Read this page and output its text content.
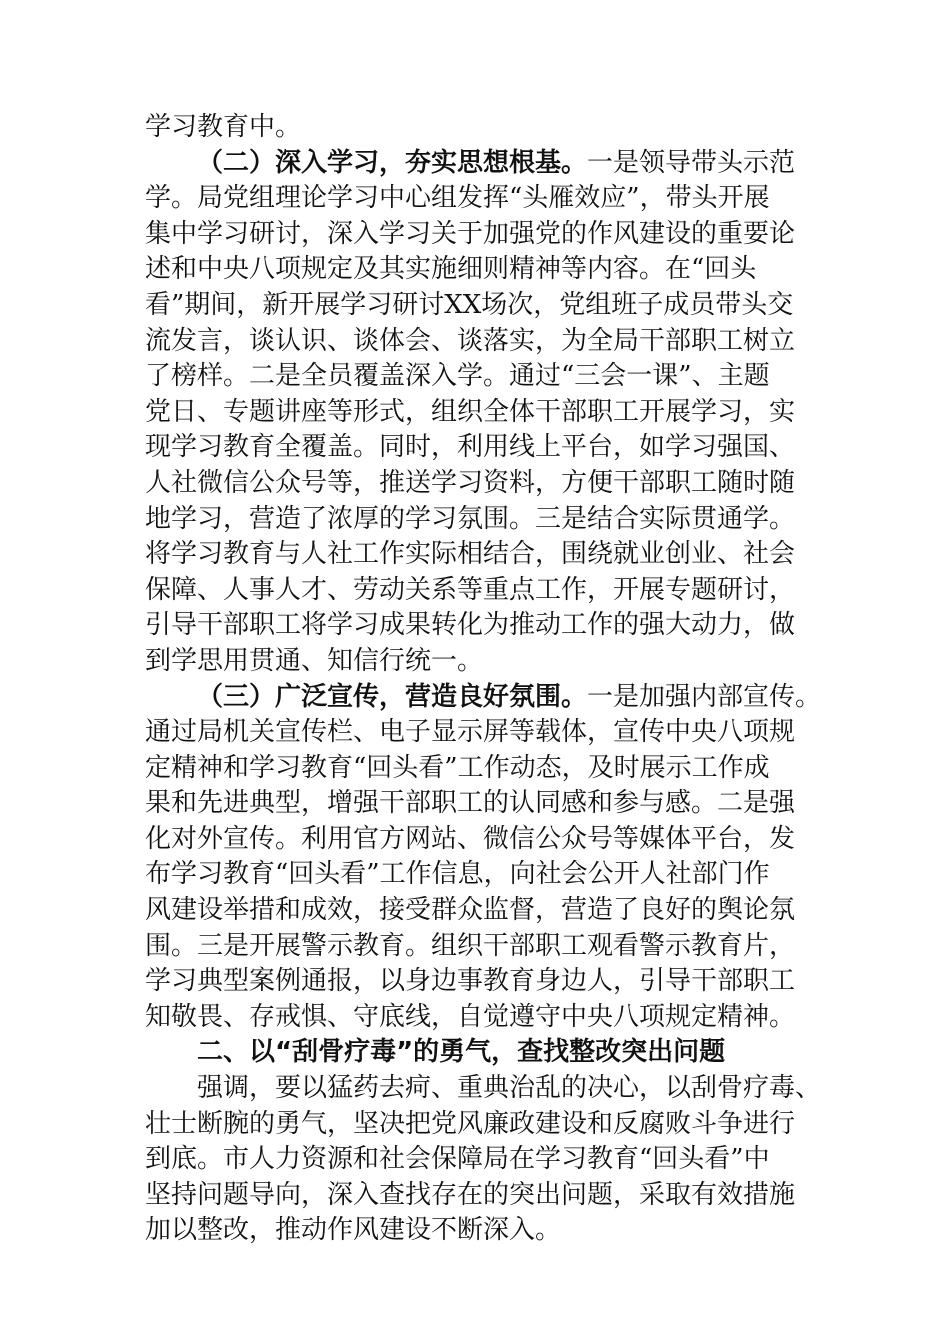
学习教育中。
（二）深入学习，夯实思想根基。一是领导带头示范
学。局党组理论学习中心组发挥“头雁效应”，带头开展
集中学习研讨，深入学习关于加强党的作风建设的重要论
述和中央八项规定及其实施细则精神等内容。在“回头
看”期间，新开展学习研讨XX场次，党组班子成员带头交
流发言，谈认识、谈体会、谈落实，为全局干部职工树立
了榜样。二是全员覆盖深入学。通过“三会一课”、主题
党日、专题讲座等形式，组织全体干部职工开展学习，实
现学习教育全覆盖。同时，利用线上平台，如学习强国、
人社微信公众号等，推送学习资料，方便干部职工随时随
地学习，营造了浓厚的学习氛围。三是结合实际贯通学。
将学习教育与人社工作实际相结合，围绕就业创业、社会
保障、人事人才、劳动关系等重点工作，开展专题研讨，
引导干部职工将学习成果转化为推动工作的强大动力，做
到学思用贯通、知信行统一。
（三）广泛宣传，营造良好氛围。一是加强内部宣传。
通过局机关宣传栏、电子显示屏等载体，宣传中央八项规
定精神和学习教育“回头看”工作动态，及时展示工作成
果和先进典型，增强干部职工的认同感和参与感。二是强
化对外宣传。利用官方网站、微信公众号等媒体平台，发
布学习教育“回头看”工作信息，向社会公开人社部门作
风建设举措和成效，接受群众监督，营造了良好的舆论氛
围。三是开展警示教育。组织干部职工观看警示教育片，
学习典型案例通报，以身边事教育身边人，引导干部职工
知敬畏、存戒惧、守底线，自觉遵守中央八项规定精神。
二、以“刮骨疗毒”的勇气，查找整改突出问题
强调，要以猛药去疴、重典治乱的决心，以刮骨疗毒、
壮士断腕的勇气，坚决把党风廉政建设和反腐败斗争进行
到底。市人力资源和社会保障局在学习教育“回头看”中
坚持问题导向，深入查找存在的突出问题，采取有效措施
加以整改，推动作风建设不断深入。
